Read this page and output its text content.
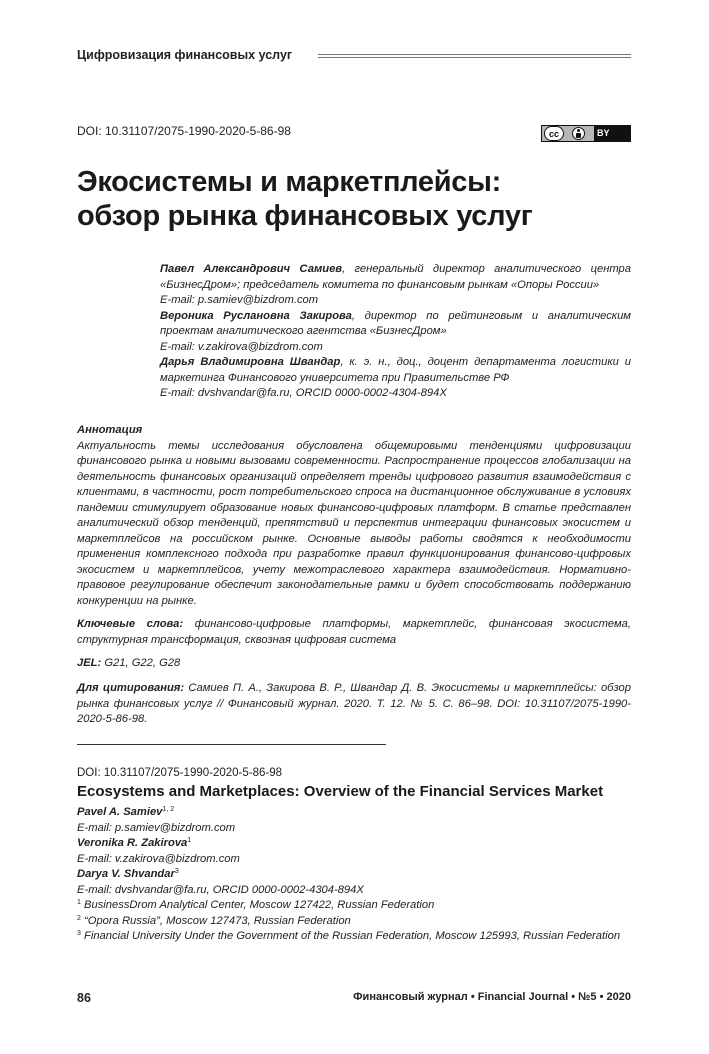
Цифровизация финансовых услуг
DOI: 10.31107/2075-1990-2020-5-86-98	cc	BY
Экосистемы и маркетплейсы:
обзор рынка финансовых услуг

Павел Александрович Самиев, генеральный директор аналитического центра «БизнесДром»; председатель комитета по финансовым рынкам «Опоры России»

E-mail: p.samiev@bizdrom.com

Вероника Руслановна Закирова, директор по рейтинговым и аналитическим проектам аналитического агентства «БизнесДром»

E-mail: v.zakirova@bizdrom.com

Дарья Владимировна Швандар, к. э. н., доц., доцент департамента логистики и маркетинга Финансового университета при Правительстве РФ

E-mail: dvshvandar@fa.ru, ORCID 0000-0002-4304-894X

Аннотация
Актуальность темы исследования обусловлена общемировыми тенденциями цифровизации финансового рынка и новыми вызовами современности. Распространение процессов глобализации на деятельность финансовых организаций определяет тренды цифрового развития взаимодействия с клиентами, в частности, рост потребительского спроса на дистанционное обслуживание в условиях пандемии стимулирует образование новых финансово-цифровых платформ. В статье представлен аналитический обзор тенденций, препятствий и перспектив интеграции финансовых экосистем и маркетплейсов на российском рынке. Основные выводы работы сводятся к необходимости применения комплексного подхода при разработке правил функционирования финансово-цифровых экосистем и маркетплейсов, учету межотраслевого характера взаимодействия. Нормативно-правовое регулирование обеспечит законодательные рамки и будет способствовать поддержанию конкуренции на рынке.
Ключевые слова: финансово-цифровые платформы, маркетплейс, финансовая экосистема, структурная трансформация, сквозная цифровая система
JEL: G21, G22, G28
Для цитирования: Самиев П. А., Закирова В. Р., Швандар Д. В. Экосистемы и маркетплейсы: обзор рынка финансовых услуг // Финансовый журнал. 2020. Т. 12. № 5. С. 86–98. DOI: 10.31107/2075-1990-2020-5-86-98.
DOI: 10.31107/2075-1990-2020-5-86-98
Ecosystems and Marketplaces: Overview of the Financial Services Market

Pavel A. Samiev$^{1, 2}$

E-mail: p.samiev@bizdrom.com

Veronika R. Zakirova$^1$

E-mail: v.zakirova@bizdrom.com

Darya V. Shvandar$^3$

E-mail: dvshvandar@fa.ru, ORCID 0000-0002-4304-894X

$^1$ BusinessDrom Analytical Center, Moscow 127422, Russian Federation

$^2$ “Opora Russia”, Moscow 127473, Russian Federation

$^3$ Financial University Under the Government of the Russian Federation, Moscow 125993, Russian Federation

86	Финансовый журнал • Financial Journal • №5 • 2020
